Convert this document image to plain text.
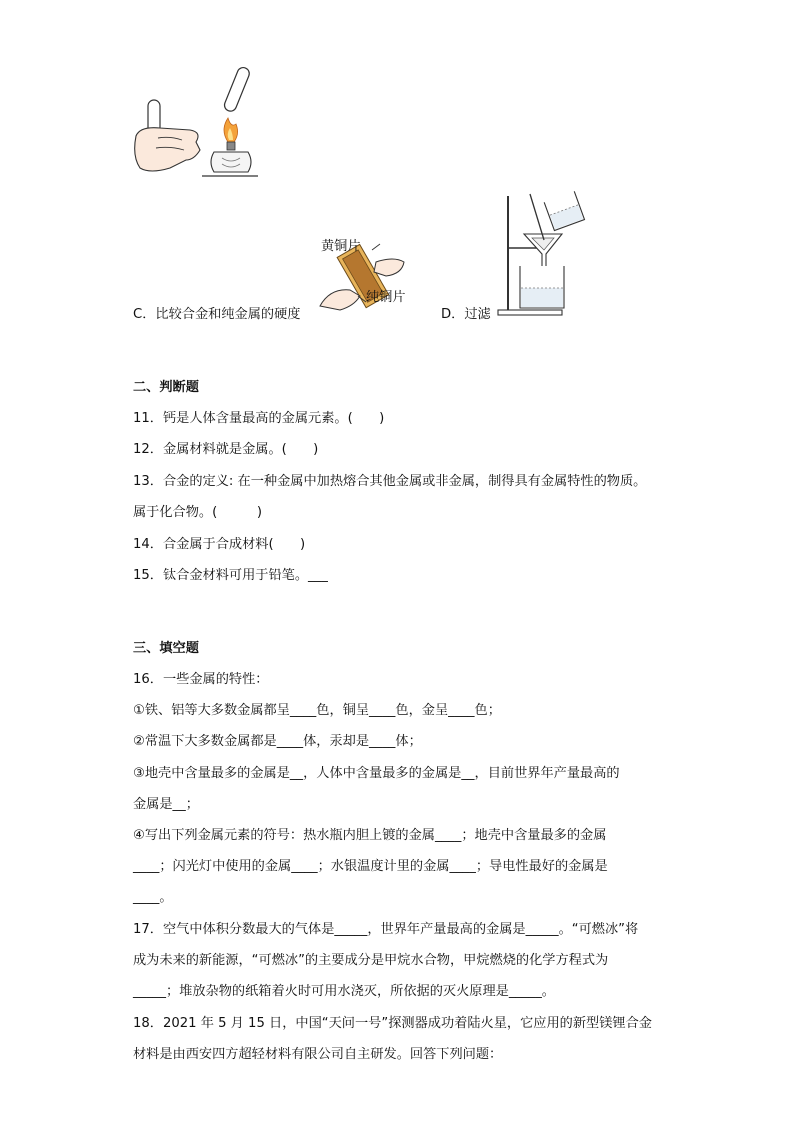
黄铜片
纯铜片
C．比较合金和纯金属的硬度	D．过滤
二、判断题
11．钙是人体含量最高的金属元素。(　　)
12．金属材料就是金属。(　　)
13．合金的定义: 在一种金属中加热熔合其他金属或非金属，制得具有金属特性的物质。
属于化合物。(　　　)
14．合金属于合成材料(　　)
15．钛合金材料可用于铅笔。___
三、填空题
16．一些金属的特性：
①铁、铝等大多数金属都呈____色，铜呈____色，金呈____色；
②常温下大多数金属都是____体，汞却是____体；
③地壳中含量最多的金属是__，人体中含量最多的金属是__，目前世界年产量最高的
金属是__；
④写出下列金属元素的符号：热水瓶内胆上镀的金属____；地壳中含量最多的金属
____；闪光灯中使用的金属____；水银温度计里的金属____；导电性最好的金属是
____。
17．空气中体积分数最大的气体是_____，世界年产量最高的金属是_____。“可燃冰”将
成为未来的新能源，“可燃冰”的主要成分是甲烷水合物，甲烷燃烧的化学方程式为
_____；堆放杂物的纸箱着火时可用水浇灭，所依据的灭火原理是_____。
18．2021 年 5 月 15 日，中国“天问一号”探测器成功着陆火星，它应用的新型镁锂合金
材料是由西安四方超轻材料有限公司自主研发。回答下列问题：
